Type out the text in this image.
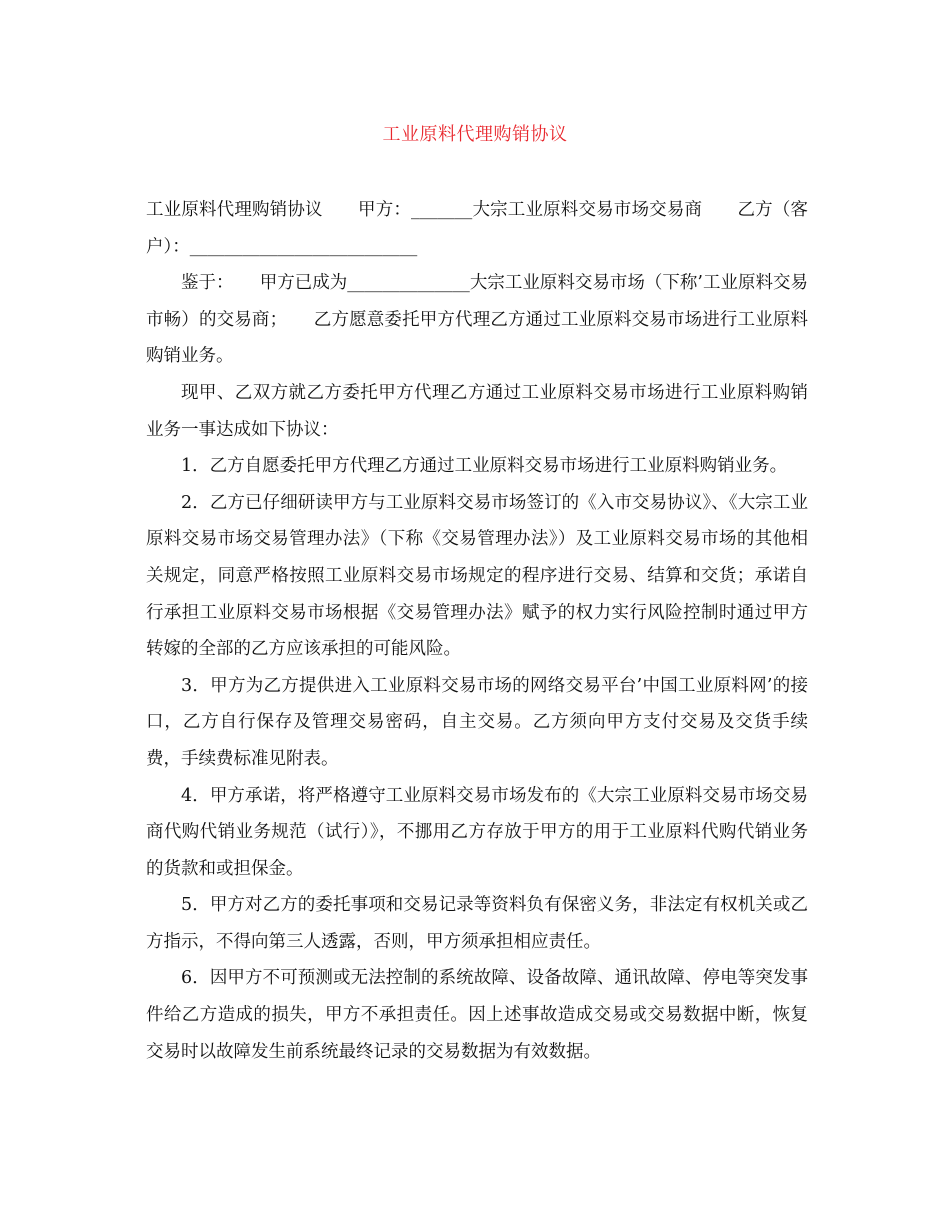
工业原料代理购销协议

工业原料代理购销协议　　甲方：_______大宗工业原料交易市场交易商　　乙方（客户）：__________________________

鉴于：　　甲方已成为______________大宗工业原料交易市场（下称’工业原料交易市畅）的交易商；　　乙方愿意委托甲方代理乙方通过工业原料交易市场进行工业原料购销业务。

现甲、乙双方就乙方委托甲方代理乙方通过工业原料交易市场进行工业原料购销业务一事达成如下协议：

1．乙方自愿委托甲方代理乙方通过工业原料交易市场进行工业原料购销业务。

2．乙方已仔细研读甲方与工业原料交易市场签订的《入市交易协议》、《大宗工业原料交易市场交易管理办法》（下称《交易管理办法》）及工业原料交易市场的其他相关规定，同意严格按照工业原料交易市场规定的程序进行交易、结算和交货；承诺自行承担工业原料交易市场根据《交易管理办法》赋予的权力实行风险控制时通过甲方转嫁的全部的乙方应该承担的可能风险。

3．甲方为乙方提供进入工业原料交易市场的网络交易平台’中国工业原料网’的接口，乙方自行保存及管理交易密码，自主交易。乙方须向甲方支付交易及交货手续费，手续费标准见附表。

4．甲方承诺，将严格遵守工业原料交易市场发布的《大宗工业原料交易市场交易商代购代销业务规范（试行）》，不挪用乙方存放于甲方的用于工业原料代购代销业务的货款和或担保金。

5．甲方对乙方的委托事项和交易记录等资料负有保密义务，非法定有权机关或乙方指示，不得向第三人透露，否则，甲方须承担相应责任。

6．因甲方不可预测或无法控制的系统故障、设备故障、通讯故障、停电等突发事件给乙方造成的损失，甲方不承担责任。因上述事故造成交易或交易数据中断，恢复交易时以故障发生前系统最终记录的交易数据为有效数据。
